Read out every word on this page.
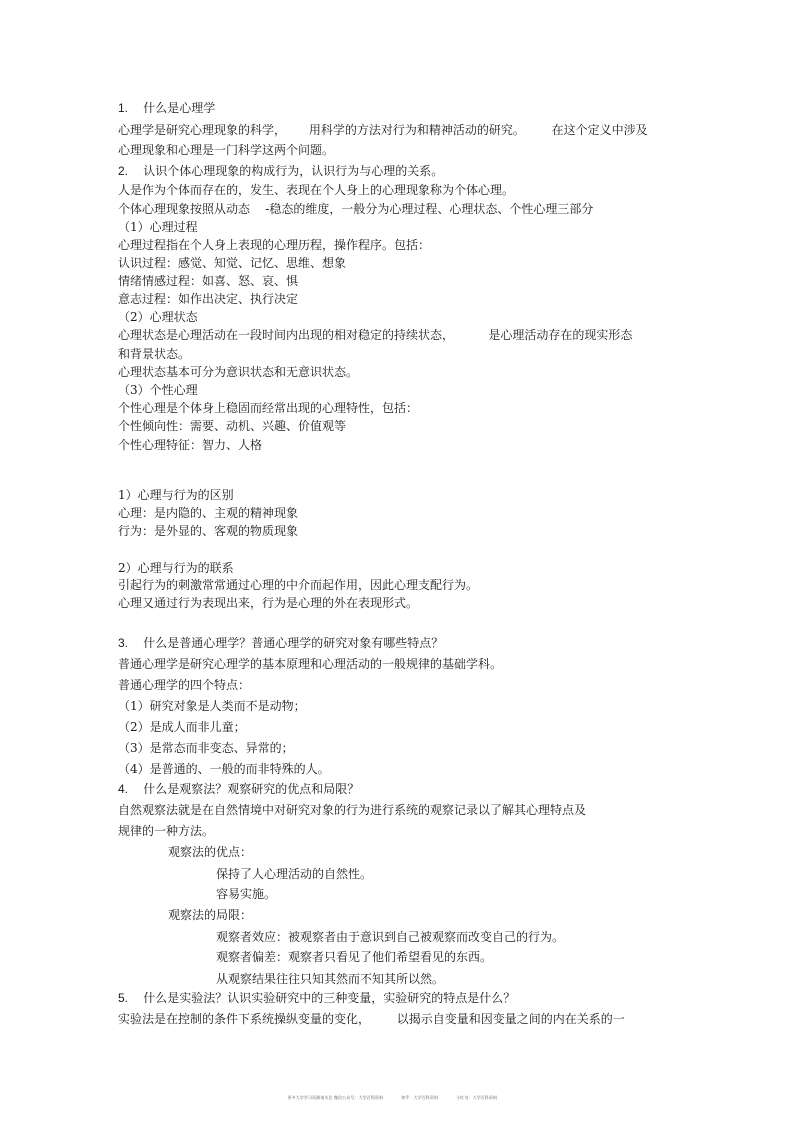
1. 什么是心理学
心理学是研究心理现象的科学，      用科学的方法对行为和精神活动的研究。       在这个定义中涉及
心理现象和心理是一门科学这两个问题。
2. 认识个体心理现象的构成行为，认识行为与心理的关系。
人是作为个体而存在的，发生、表现在个人身上的心理现象称为个体心理。
个体心理现象按照从动态    -稳态的维度，一般分为心理过程、心理状态、个性心理三部分
（1）心理过程
心理过程指在个人身上表现的心理历程，操作程序。包括：
认识过程：感觉、知觉、记忆、思维、想象
情绪情感过程：如喜、怒、哀、惧
意志过程：如作出决定、执行决定
（2）心理状态
心理状态是心理活动在一段时间内出现的相对稳定的持续状态，         是心理活动存在的现实形态
和背景状态。
心理状态基本可分为意识状态和无意识状态。
（3）个性心理
个性心理是个体身上稳固而经常出现的心理特性，包括：
个性倾向性：需要、动机、兴趣、价值观等
个性心理特征：智力、人格
1）心理与行为的区别
心理：是内隐的、主观的精神现象
行为：是外显的、客观的物质现象
2）心理与行为的联系
引起行为的刺激常常通过心理的中介而起作用，因此心理支配行为。
心理又通过行为表现出来，行为是心理的外在表现形式。
3. 什么是普通心理学？普通心理学的研究对象有哪些特点？
普通心理学是研究心理学的基本原理和心理活动的一般规律的基础学科。
普通心理学的四个特点：
（1）研究对象是人类而不是动物；
（2）是成人而非儿童；
（3）是常态而非变态、异常的；
（4）是普通的、一般的而非特殊的人。
4. 什么是观察法？观察研究的优点和局限？
自然观察法就是在自然情境中对研究对象的行为进行系统的观察记录以了解其心理特点及
规律的一种方法。
观察法的优点：
保持了人心理活动的自然性。
容易实施。
观察法的局限：
观察者效应：被观察者由于意识到自己被观察而改变自己的行为。
观察者偏差：观察者只看见了他们希望看见的东西。
从观察结果往往只知其然而不知其所以然。
5. 什么是实验法？认识实验研究中的三种变量，实验研究的特点是什么？
实验法是在控制的条件下系统操纵变量的变化，       以揭示自变量和因变量之间的内在关系的一

更多大学学习资源请关注 微信公众号：大学百科资料	知乎：大学百科资料	小红书：大学百科资料
